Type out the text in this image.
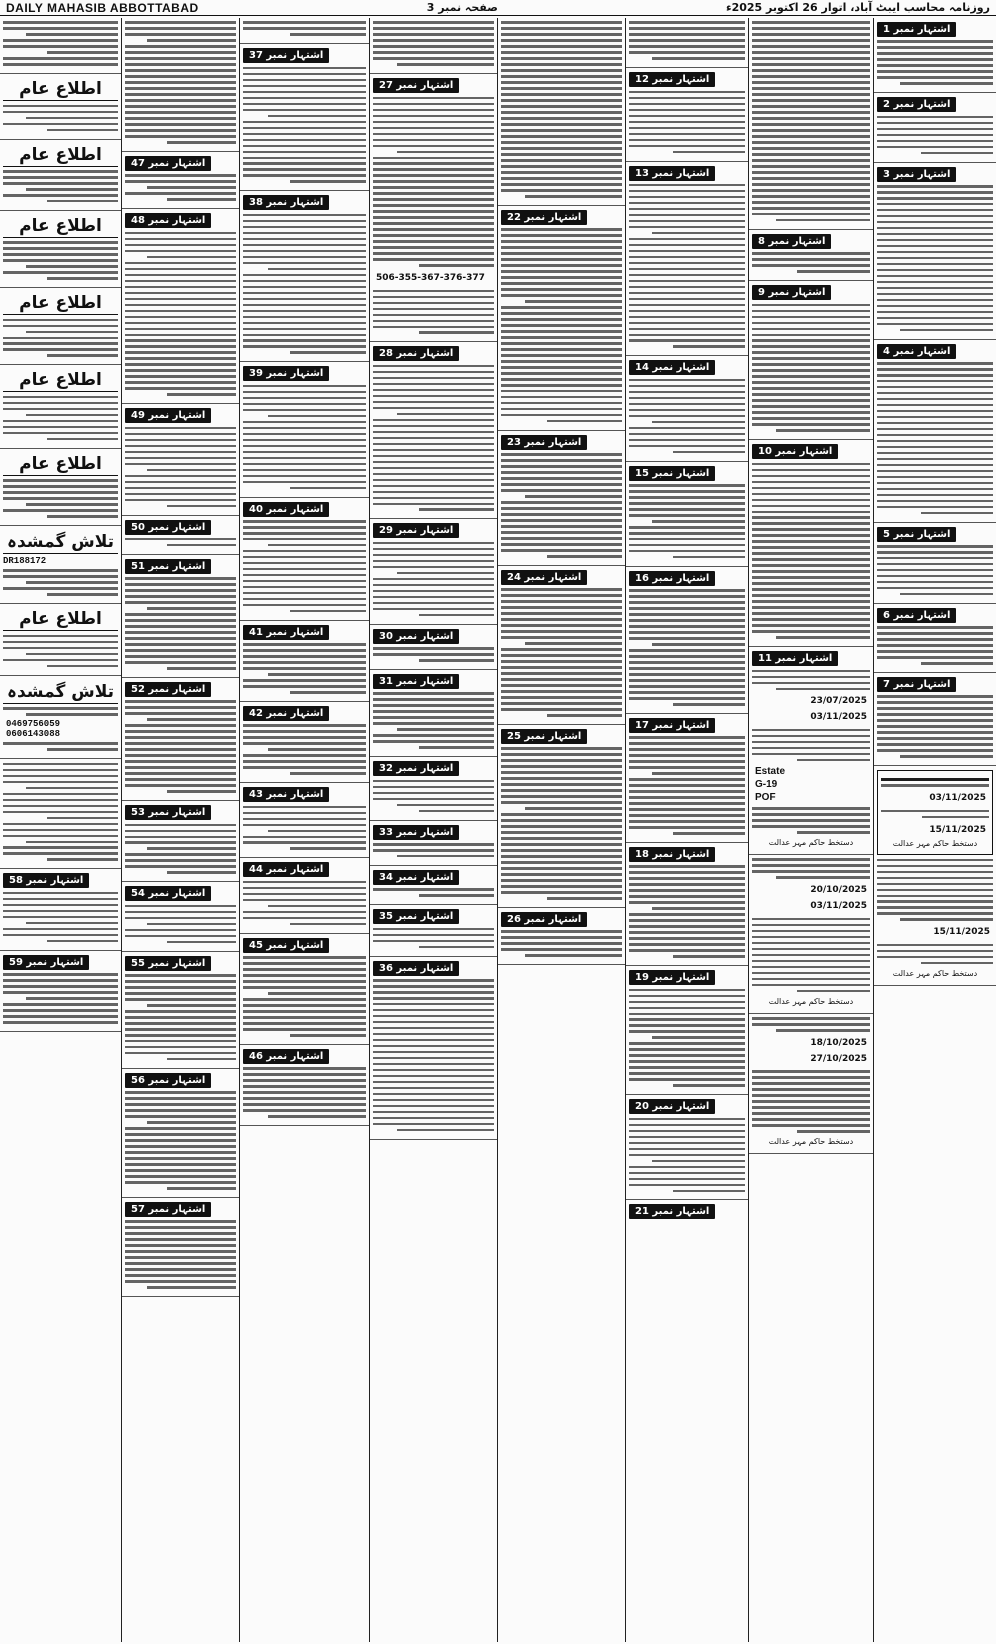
DAILY MAHASIB ABBOTTABAD	صفحہ نمبر 3	روزنامہ محاسب ایبٹ آباد، اتوار 26 اکتوبر 2025ء
اطلاع عام
اطلاع عام
اطلاع عام
اطلاع عام
اطلاع عام
اطلاع عام
تلاش گمشدہ
DR188172
اطلاع عام
تلاش گمشدہ
0469756059
0606143088
اشتہار نمبر 58
اشتہار نمبر 59
اشتہار نمبر 47
اشتہار نمبر 48
اشتہار نمبر 49
اشتہار نمبر 50
اشتہار نمبر 51
اشتہار نمبر 52
اشتہار نمبر 53
اشتہار نمبر 54
اشتہار نمبر 55
اشتہار نمبر 56
اشتہار نمبر 57
اشتہار نمبر 37
اشتہار نمبر 38
اشتہار نمبر 39
اشتہار نمبر 40
اشتہار نمبر 41
اشتہار نمبر 42
اشتہار نمبر 43
اشتہار نمبر 44
اشتہار نمبر 45
اشتہار نمبر 46
اشتہار نمبر 27
506-355-367-376-377
اشتہار نمبر 28
اشتہار نمبر 29
اشتہار نمبر 30
اشتہار نمبر 31
اشتہار نمبر 32
اشتہار نمبر 33
اشتہار نمبر 34
اشتہار نمبر 35
اشتہار نمبر 36
اشتہار نمبر 22
اشتہار نمبر 23
اشتہار نمبر 24
اشتہار نمبر 25
اشتہار نمبر 26
اشتہار نمبر 12
اشتہار نمبر 13
اشتہار نمبر 14
اشتہار نمبر 15
اشتہار نمبر 16
اشتہار نمبر 17
اشتہار نمبر 18
اشتہار نمبر 19
اشتہار نمبر 20
اشتہار نمبر 21
اشتہار نمبر 8
اشتہار نمبر 9
اشتہار نمبر 10
اشتہار نمبر 11
23/07/2025
03/11/2025
Estate
G-19
POF
دستخط حاکم مہر عدالت
20/10/2025
03/11/2025
دستخط حاکم مہر عدالت
18/10/2025
27/10/2025
دستخط حاکم مہر عدالت
اشتہار نمبر 1
اشتہار نمبر 2
اشتہار نمبر 3
اشتہار نمبر 4
اشتہار نمبر 5
اشتہار نمبر 6
اشتہار نمبر 7
03/11/2025
15/11/2025
دستخط حاکم مہر عدالت
15/11/2025
دستخط حاکم مہر عدالت
